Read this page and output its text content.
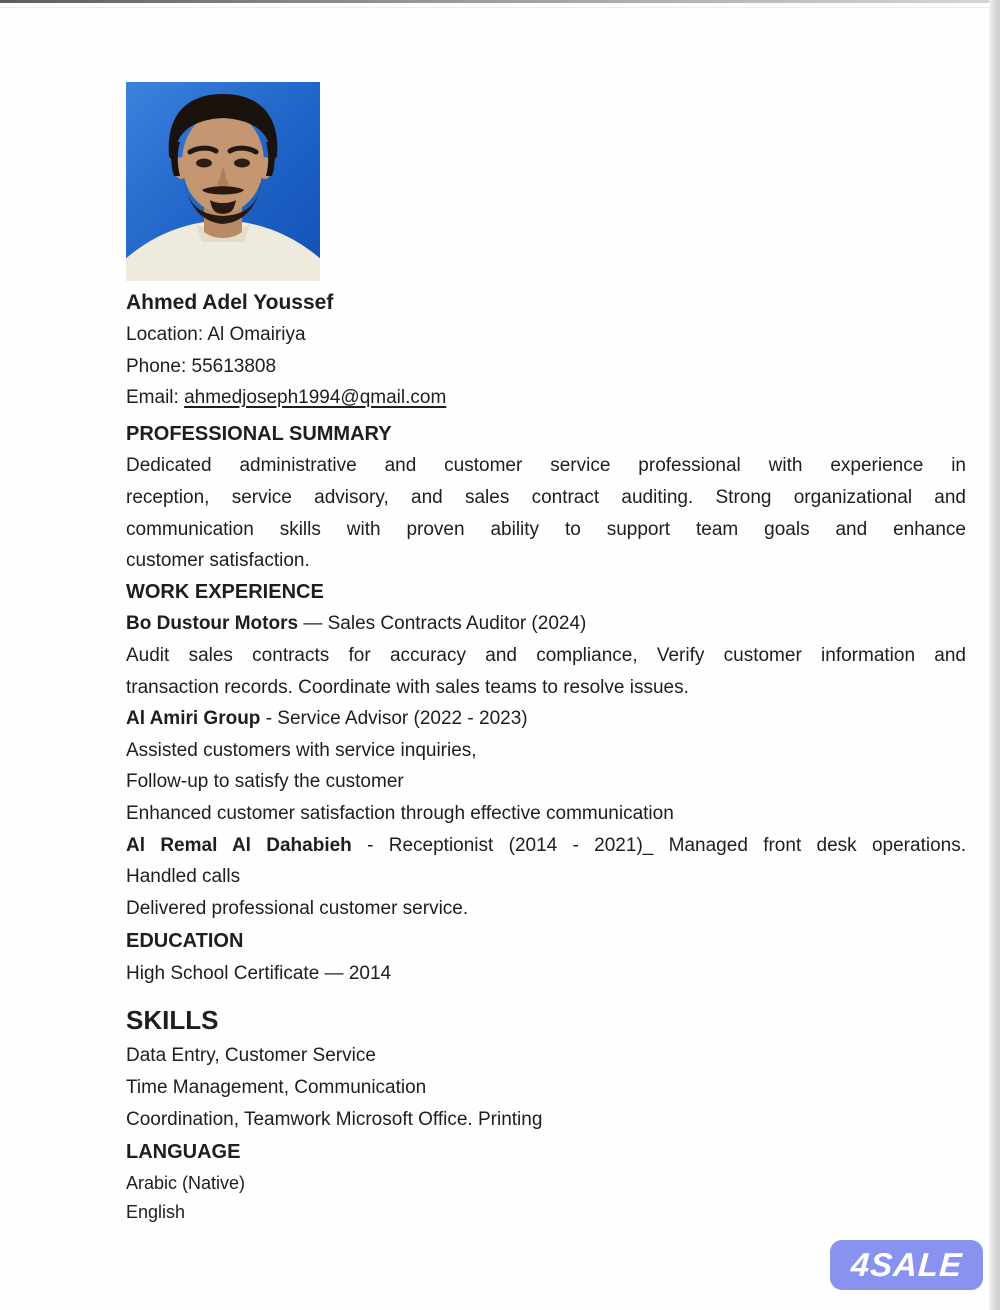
Ahmed Adel Youssef
Location: Al Omairiya
Phone: 55613808
Email: ahmedjoseph1994@qmail.com
PROFESSIONAL SUMMARY
Dedicated administrative and customer service professional with experience in
reception, service advisory, and sales contract auditing. Strong organizational and
communication skills with proven ability to support team goals and enhance
customer satisfaction.
WORK EXPERIENCE
Bo Dustour Motors — Sales Contracts Auditor (2024)
Audit sales contracts for accuracy and compliance, Verify customer information and
transaction records. Coordinate with sales teams to resolve issues.
Al Amiri Group - Service Advisor (2022 - 2023)
Assisted customers with service inquiries,
Follow-up to satisfy the customer
Enhanced customer satisfaction through effective communication
Al Remal Al Dahabieh - Receptionist (2014 - 2021)_ Managed front desk operations.
Handled calls
Delivered professional customer service.
EDUCATION
High School Certificate — 2014
SKILLS
Data Entry, Customer Service
Time Management, Communication
Coordination, Teamwork Microsoft Office. Printing
LANGUAGE
Arabic (Native)
English
4SALE
